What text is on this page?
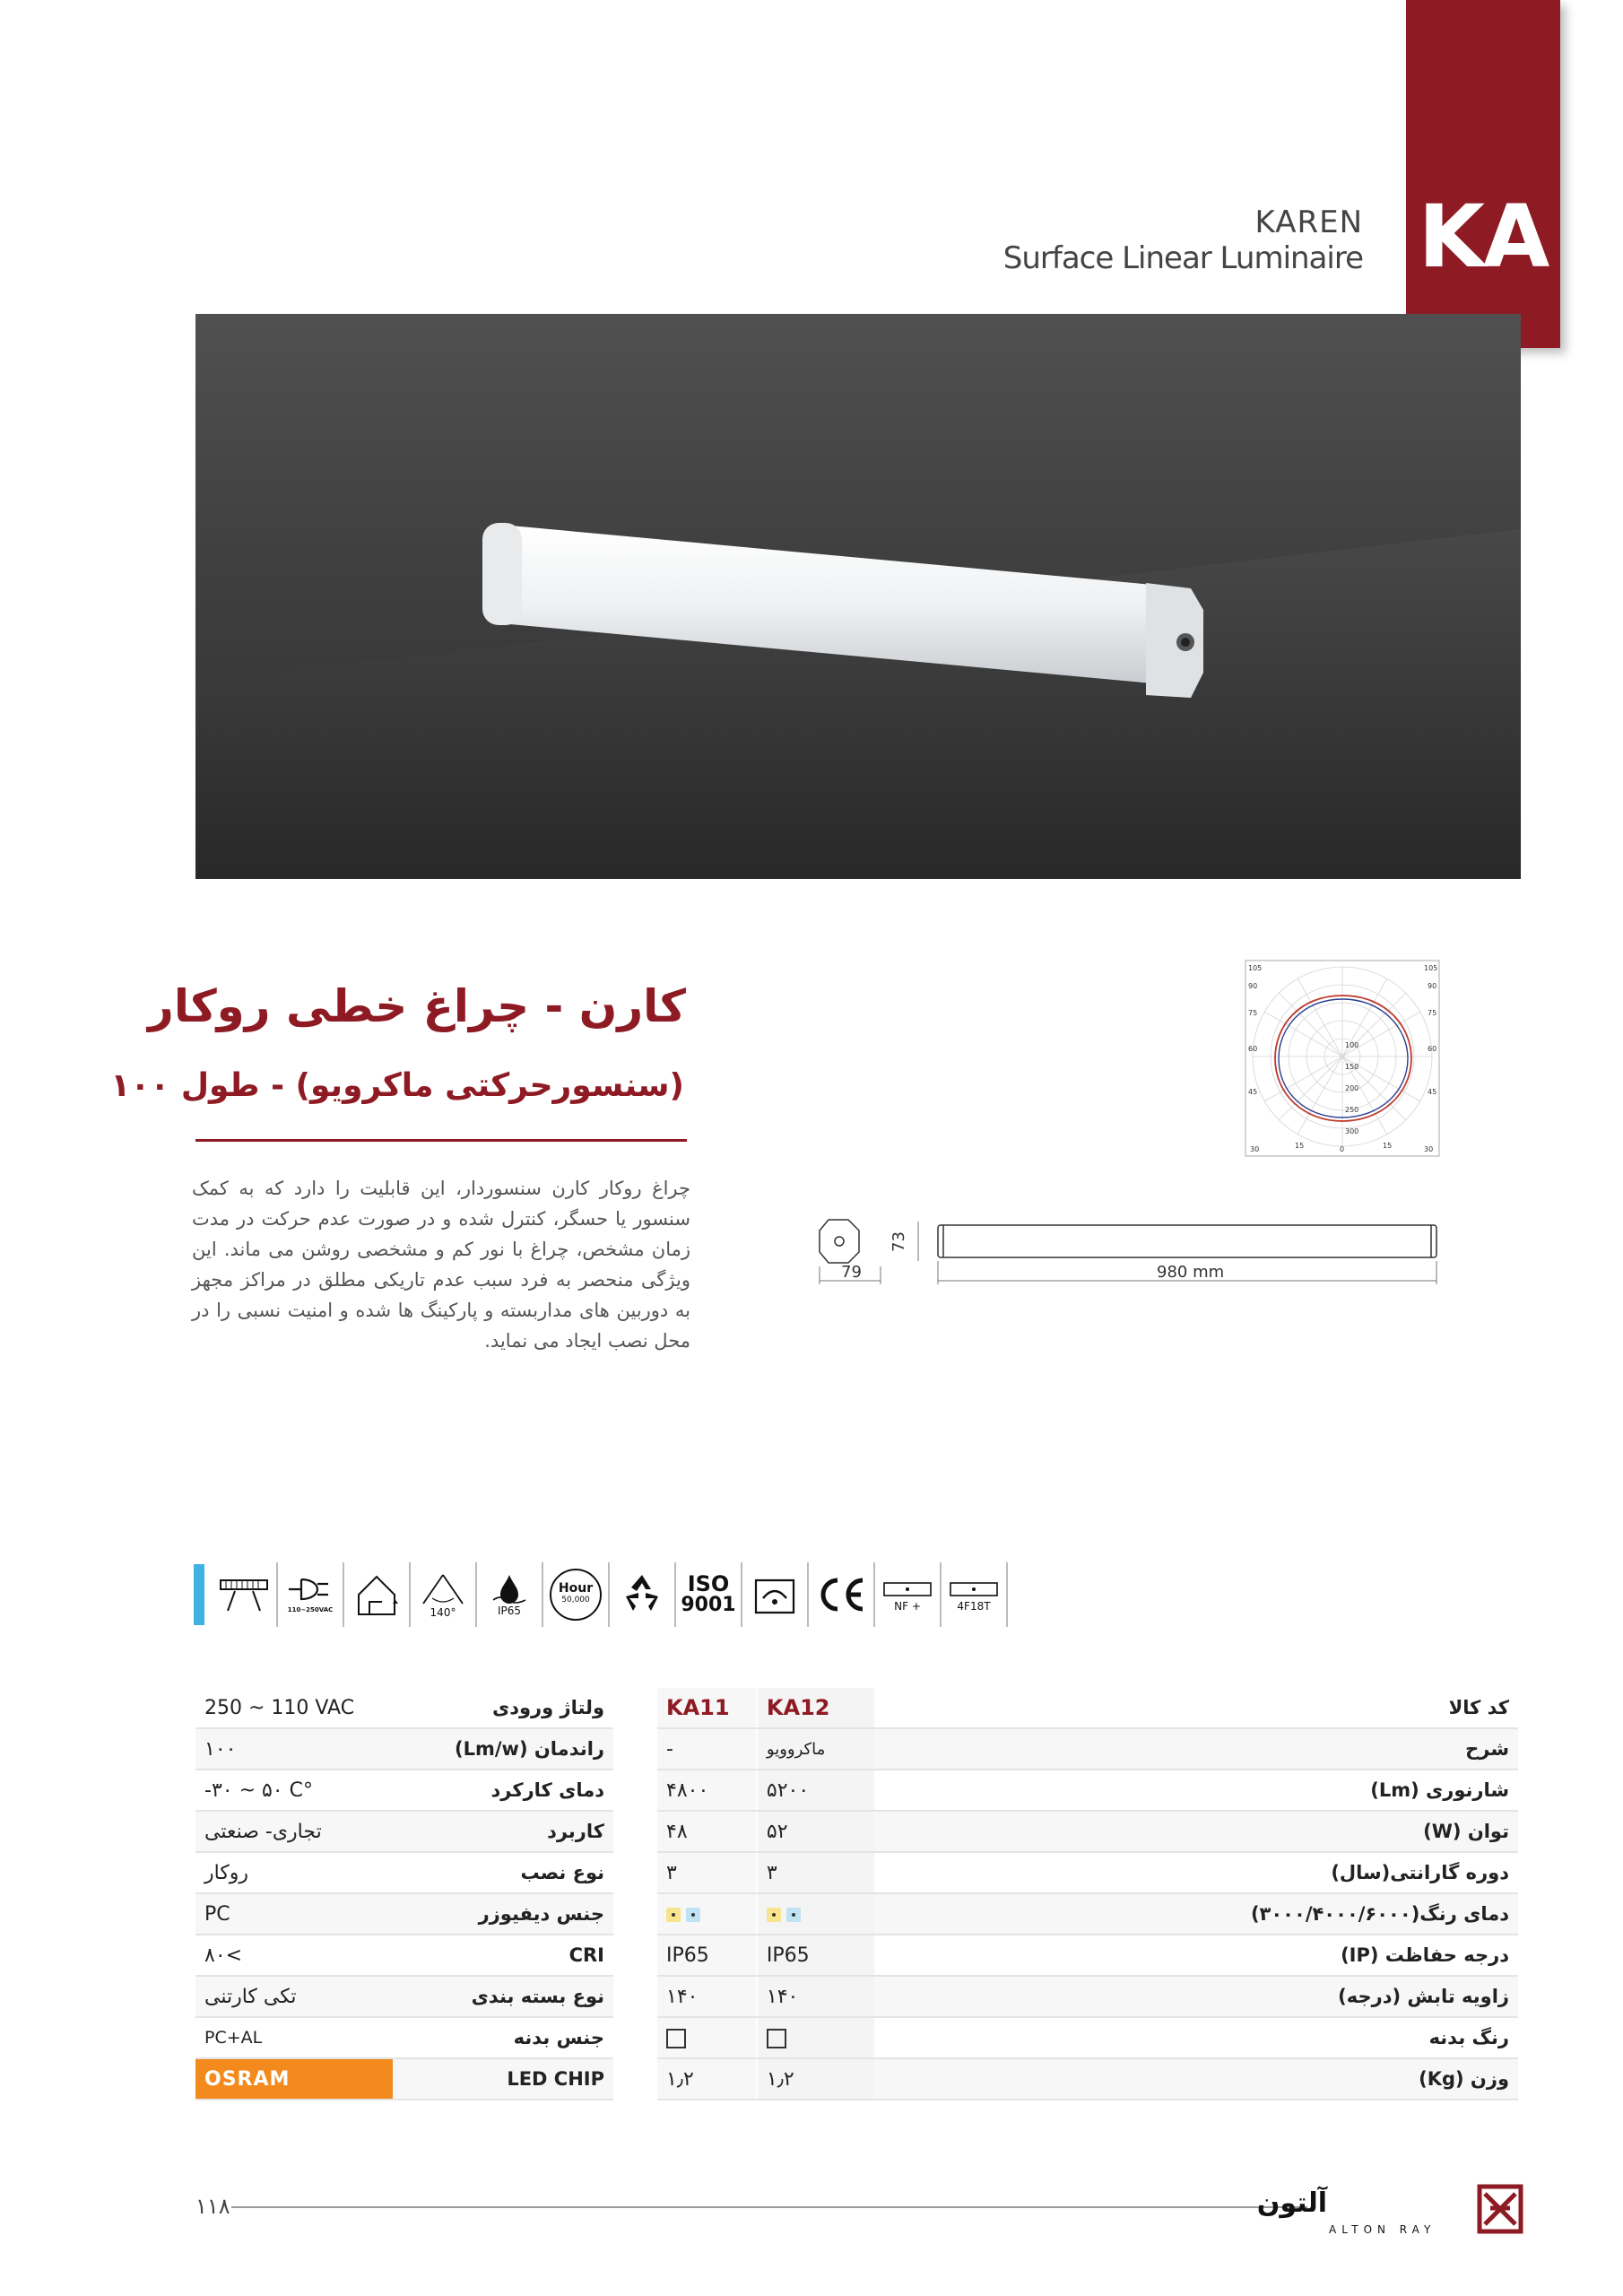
KA
KAREN
Surface Linear Luminaire
کارن - چراغ خطی روکار
(سنسورحرکتی ماکرویو) - طول ۱۰۰
چراغ روکار کارن سنسوردار، این قابلیت را دارد که به کمک سنسور یا حسگر، کنترل شده و در صورت عدم حرکت در مدت زمان مشخص، چراغ با نور کم و مشخصی روشن می ماند. این ویژگی منحصر به فرد سبب عدم تاریکی مطلق در مراکز مجهز به دوربین های مداربسته و پارکینگ ها شده و امنیت نسبی را در محل نصب ایجاد می نماید.
105	105
90	90
75	75
60	60
45	45
30	15	0	15	30
100
150
200
250
300
79
73
980 mm
110~250VAC	140°	IP65
Hour
50,000
ISO
9001	NF +	4F18T
KA11	KA12	کد کالا
-	ماکروویو	شرح
۴۸۰۰	۵۲۰۰	شارنوری (Lm)
۴۸	۵۲	توان (W)
۳	۳	دوره گارانتی(سال)
		دمای رنگ(۳۰۰۰/۴۰۰۰/۶۰۰۰)
IP65	IP65	درجه حفاظت (IP)
۱۴۰	۱۴۰	زاویه تابش (درجه)
		رنگ بدنه
۱٫۲	۱٫۲	وزن (Kg)
250 ~ 110 VAC	ولتاژ ورودی
۱۰۰	راندمان (Lm/w)
-۳۰ ~ ۵۰ C°	دمای کارکرد
تجاری- صنعتی	کاربرد
روکار	نوع نصب
PC	جنس دیفیوزر
۸۰<	CRI
تکی کارتنی	نوع بسته بندی
PC+AL	جنس بدنه
OSRAM	LED CHIP
۱۱۸	آلتون
ALTON RAY
